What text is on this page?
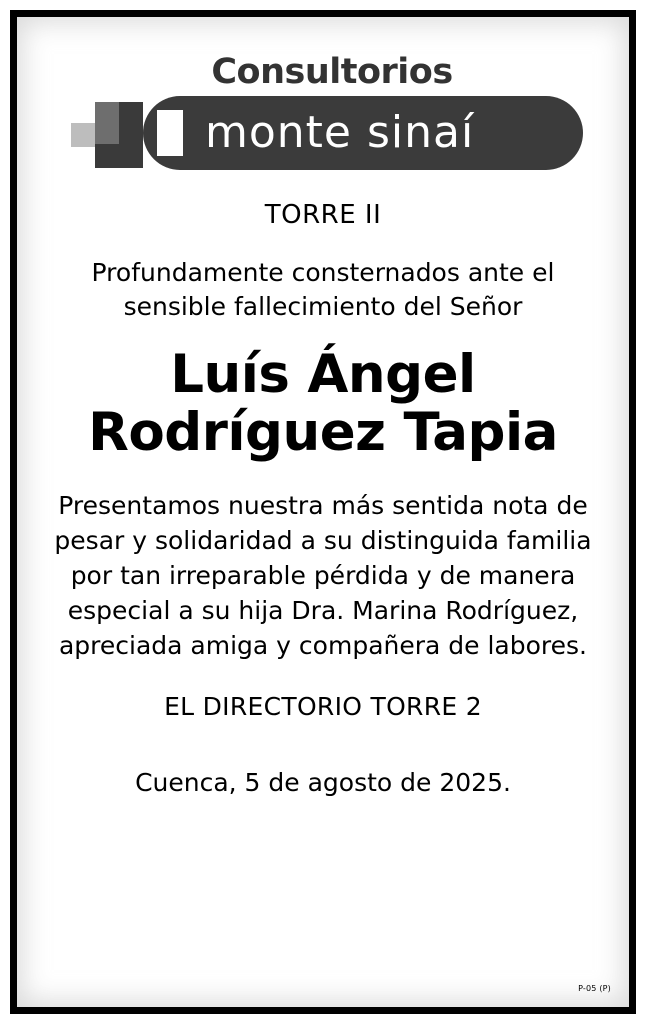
Consultorios
monte sinaí
TORRE II
Profundamente consternados ante el sensible fallecimiento del Señor
Luís Ángel
Rodríguez Tapia
Presentamos nuestra más sentida nota de pesar y solidaridad a su distinguida familia por tan irreparable pérdida y de manera especial a su hija Dra. Marina Rodríguez, apreciada amiga y compañera de labores.
EL DIRECTORIO TORRE 2
Cuenca, 5 de agosto de 2025.
P-05 (P)
